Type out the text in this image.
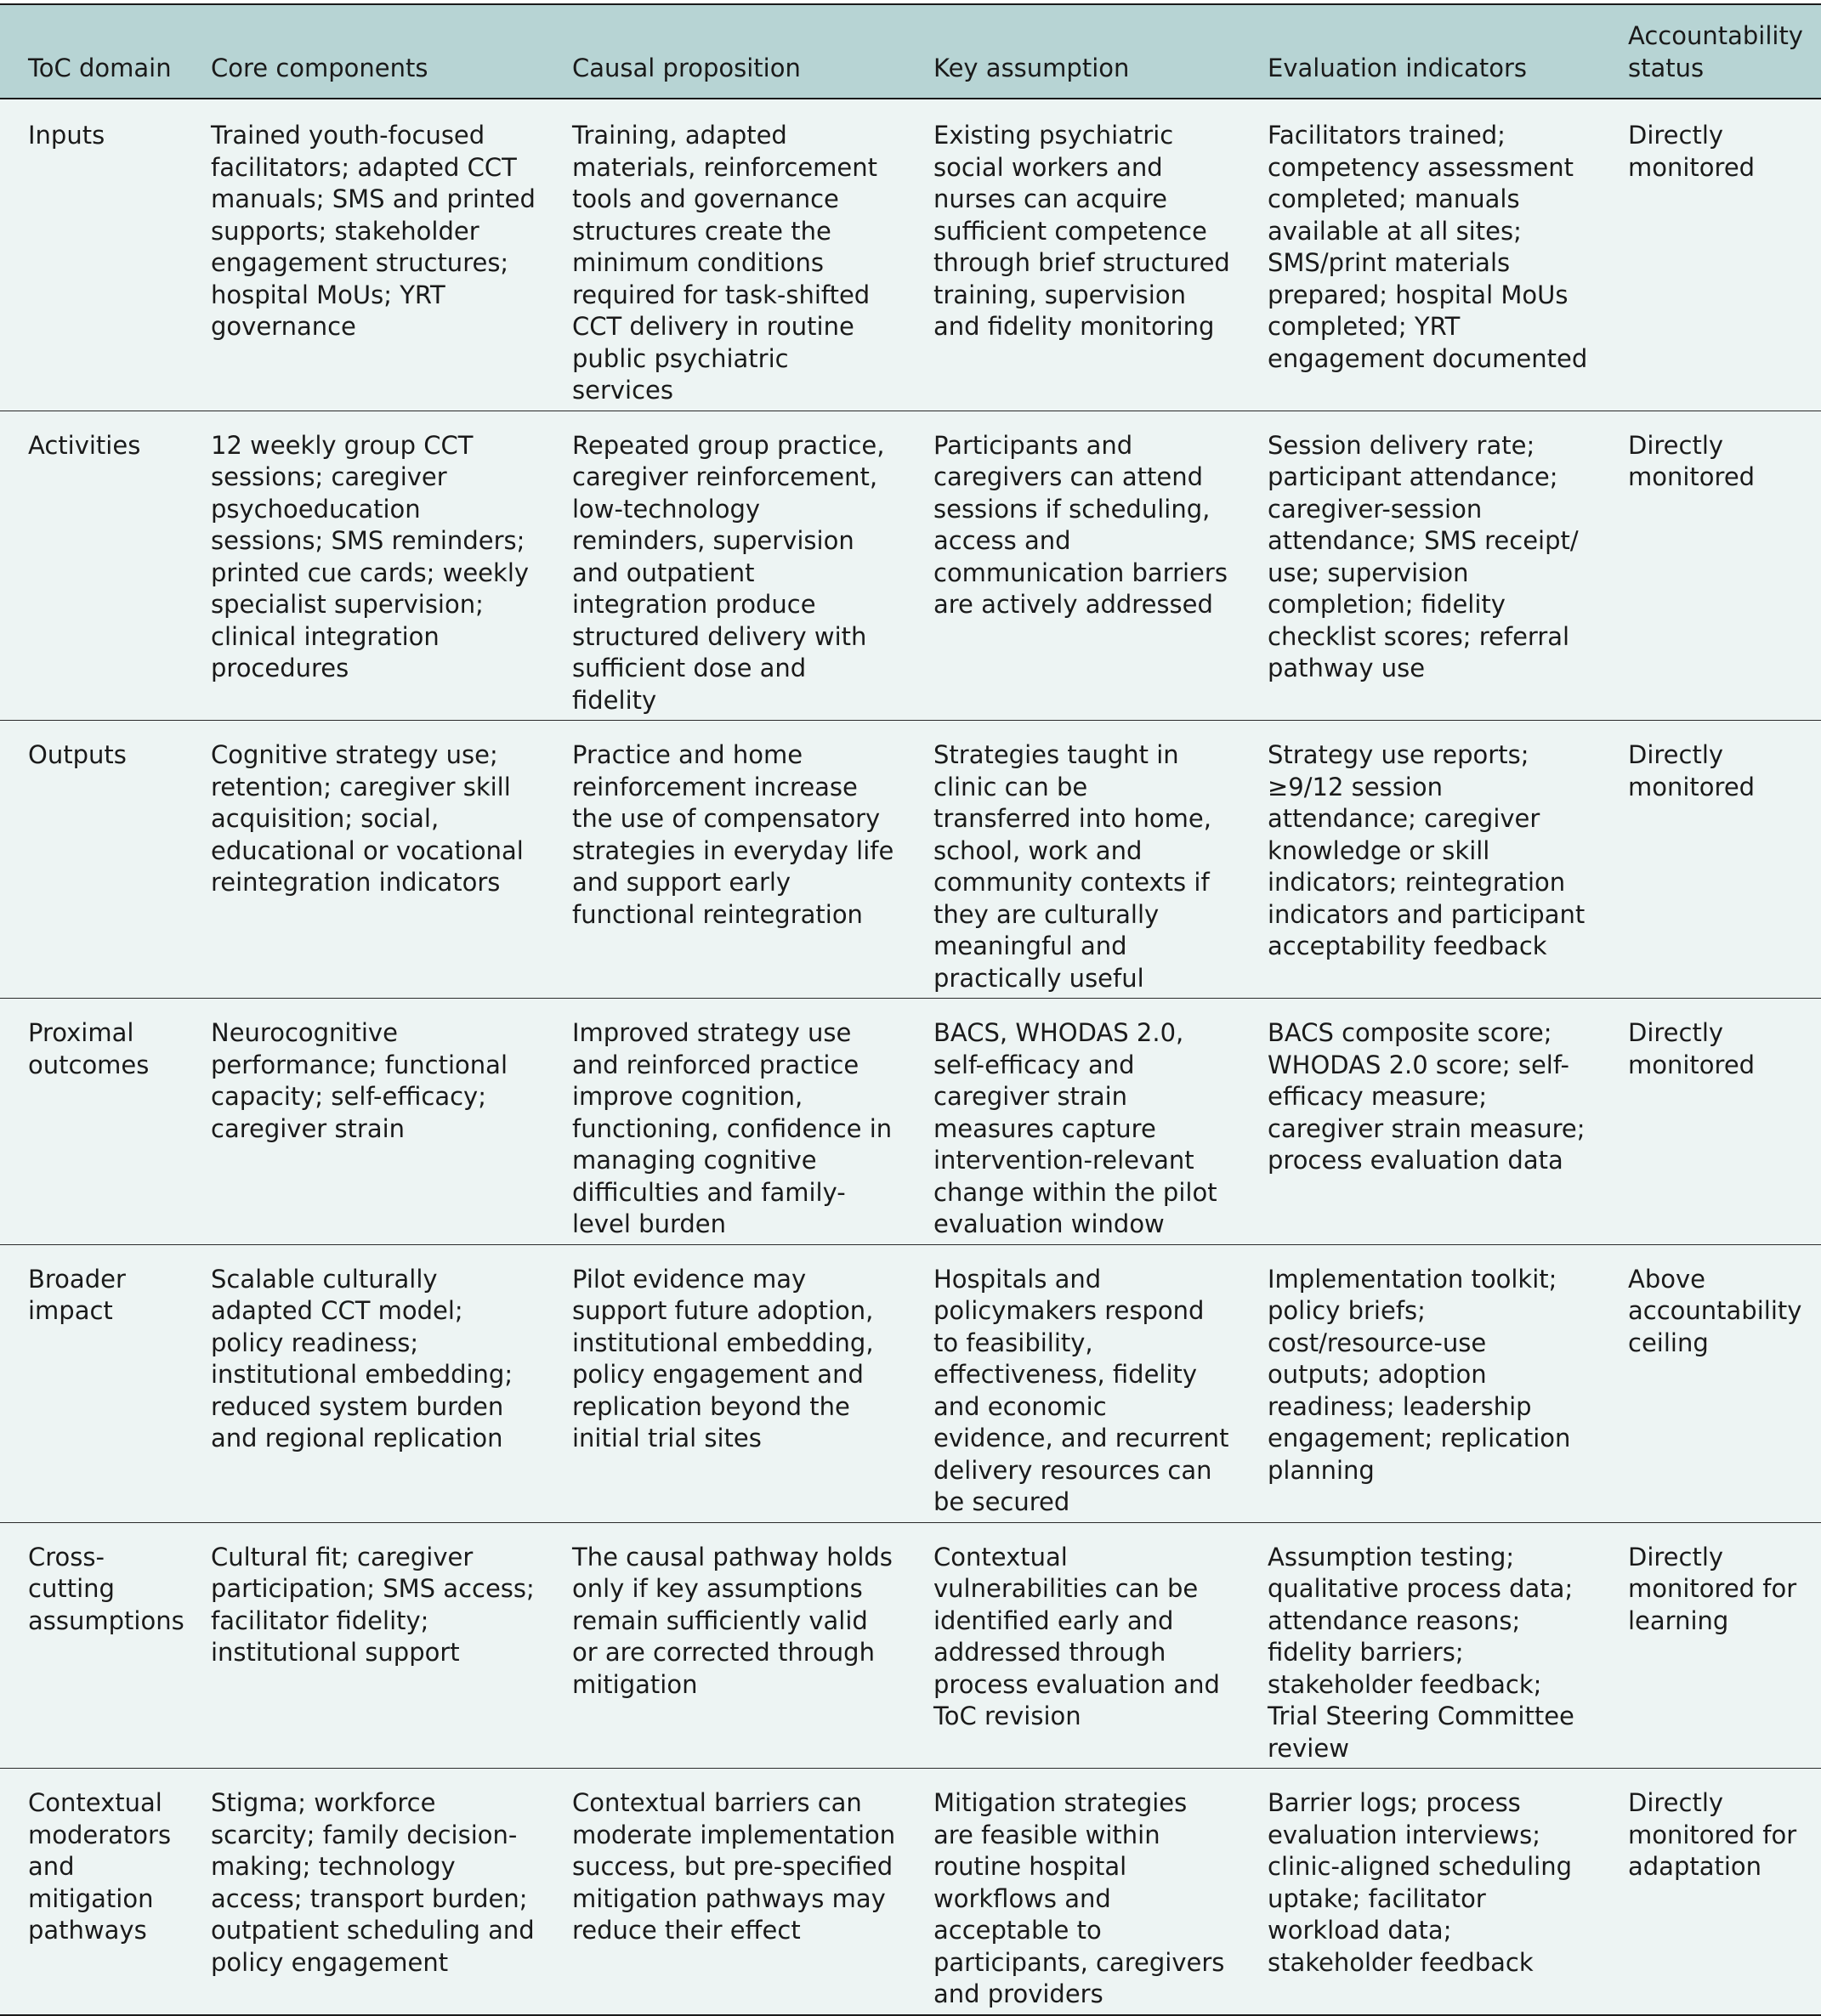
ToC domain	Core components	Causal proposition	Key assumption	Evaluation indicators	Accountability status
Inputs	Trained youth-focused facilitators; adapted CCT manuals; SMS and printed supports; stakeholder engagement structures; hospital MoUs; YRT governance	Training, adapted materials, reinforcement tools and governance structures create the minimum conditions required for task-shifted CCT delivery in routine public psychiatric services	Existing psychiatric social workers and nurses can acquire sufficient competence through brief structured training, supervision and fidelity monitoring	Facilitators trained; competency assessment completed; manuals available at all sites; SMS/print materials prepared; hospital MoUs completed; YRT engagement documented	Directly monitored
Activities	12 weekly group CCT sessions; caregiver psychoeducation sessions; SMS reminders; printed cue cards; weekly specialist supervision; clinical integration procedures	Repeated group practice, caregiver reinforcement, low-technology reminders, supervision and outpatient integration produce structured delivery with sufficient dose and fidelity	Participants and caregivers can attend sessions if scheduling, access and communication barriers are actively addressed	Session delivery rate; participant attendance; caregiver-session attendance; SMS receipt/ use; supervision completion; fidelity checklist scores; referral pathway use	Directly monitored
Outputs	Cognitive strategy use; retention; caregiver skill acquisition; social, educational or vocational reintegration indicators	Practice and home reinforcement increase the use of compensatory strategies in everyday life and support early functional reintegration	Strategies taught in clinic can be transferred into home, school, work and community contexts if they are culturally meaningful and practically useful	Strategy use reports; ≥9/12 session attendance; caregiver knowledge or skill indicators; reintegration indicators and participant acceptability feedback	Directly monitored
Proximal outcomes	Neurocognitive performance; functional capacity; self-efficacy; caregiver strain	Improved strategy use and reinforced practice improve cognition, functioning, confidence in managing cognitive difficulties and family-level burden	BACS, WHODAS 2.0, self-efficacy and caregiver strain measures capture intervention-relevant change within the pilot evaluation window	BACS composite score; WHODAS 2.0 score; self-efficacy measure; caregiver strain measure; process evaluation data	Directly monitored
Broader impact	Scalable culturally adapted CCT model; policy readiness; institutional embedding; reduced system burden and regional replication	Pilot evidence may support future adoption, institutional embedding, policy engagement and replication beyond the initial trial sites	Hospitals and policymakers respond to feasibility, effectiveness, fidelity and economic evidence, and recurrent delivery resources can be secured	Implementation toolkit; policy briefs; cost/resource-use outputs; adoption readiness; leadership engagement; replication planning	Above accountability ceiling
Cross-cutting assumptions	Cultural fit; caregiver participation; SMS access; facilitator fidelity; institutional support	The causal pathway holds only if key assumptions remain sufficiently valid or are corrected through mitigation	Contextual vulnerabilities can be identified early and addressed through process evaluation and ToC revision	Assumption testing; qualitative process data; attendance reasons; fidelity barriers; stakeholder feedback; Trial Steering Committee review	Directly monitored for learning
Contextual moderators and mitigation pathways	Stigma; workforce scarcity; family decision-making; technology access; transport burden; outpatient scheduling and policy engagement	Contextual barriers can moderate implementation success, but pre-specified mitigation pathways may reduce their effect	Mitigation strategies are feasible within routine hospital workflows and acceptable to participants, caregivers and providers	Barrier logs; process evaluation interviews; clinic-aligned scheduling uptake; facilitator workload data; stakeholder feedback	Directly monitored for adaptation
